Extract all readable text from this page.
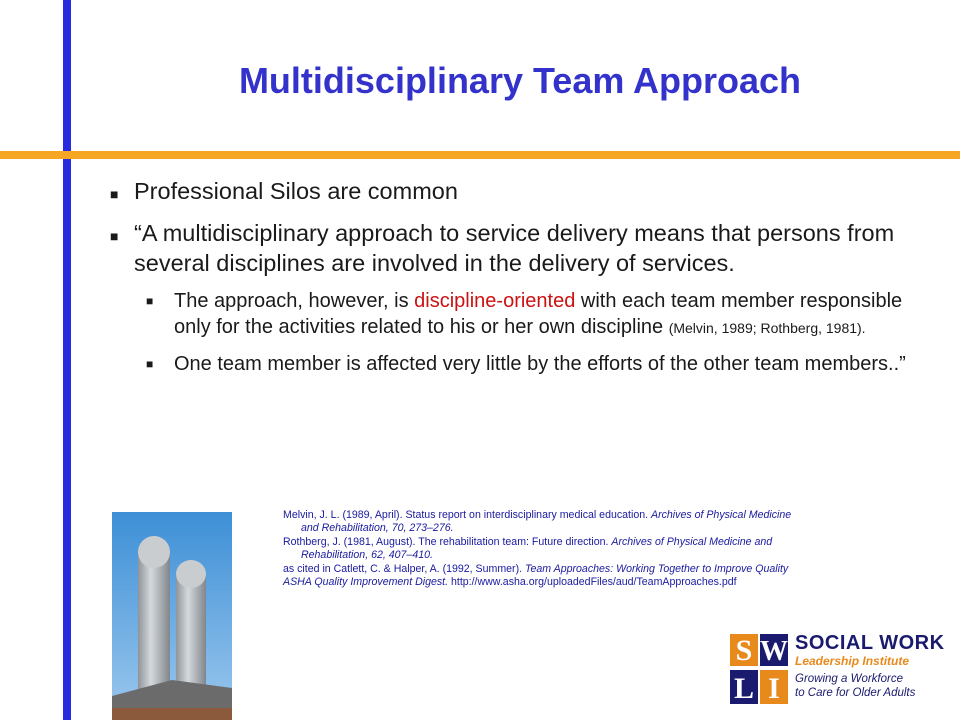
Multidisciplinary Team Approach
■ Professional Silos are common
■ “A multidisciplinary approach to service delivery means that persons from several disciplines are involved in the delivery of services.
■ The approach, however, is discipline-oriented with each team member responsible only for the activities related to his or her own discipline (Melvin, 1989; Rothberg, 1981).
■ One team member is affected very little by the efforts of the other team members..”
Melvin, J. L. (1989, April). Status report on interdisciplinary medical education. Archives of Physical Medicine
and Rehabilitation, 70, 273–276.
Rothberg, J. (1981, August). The rehabilitation team: Future direction. Archives of Physical Medicine and
Rehabilitation, 62, 407–410.
as cited in Catlett, C. & Halper, A. (1992, Summer). Team Approaches: Working Together to Improve Quality
ASHA Quality Improvement Digest. http://www.asha.org/uploadedFiles/aud/TeamApproaches.pdf
S W
L I
SOCIAL WORK
Leadership Institute
Growing a Workforce
to Care for Older Adults
